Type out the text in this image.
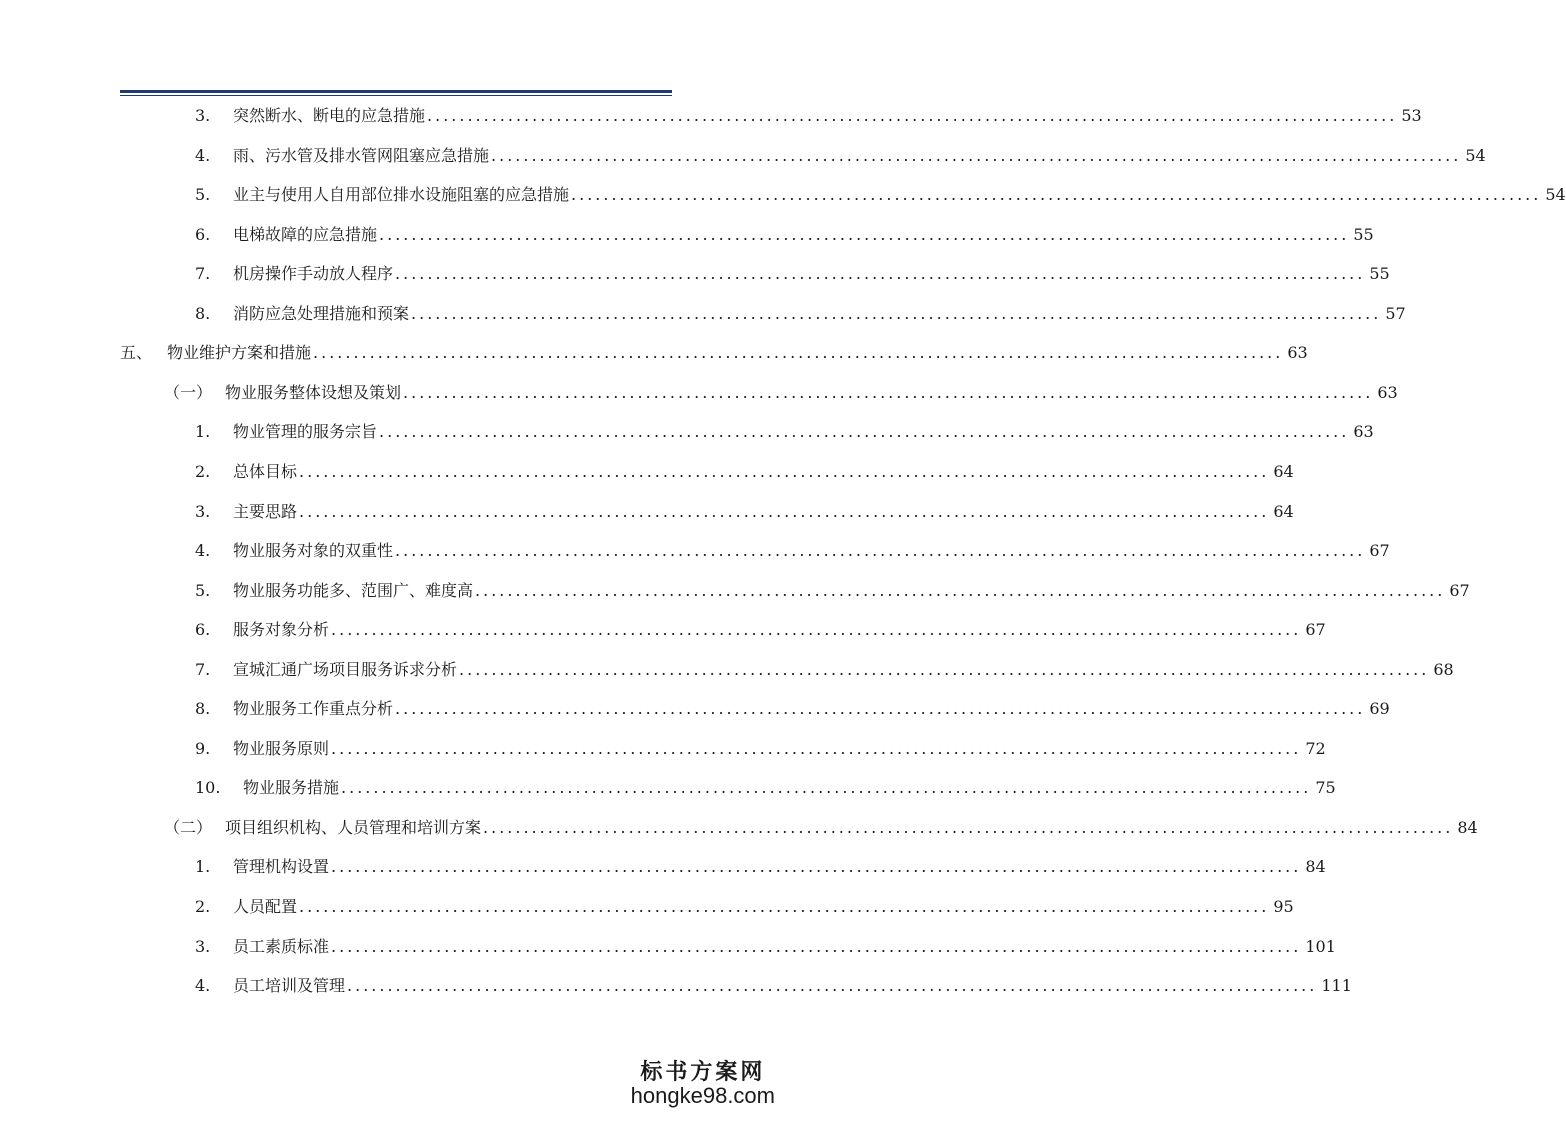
3.	突然断水、断电的应急措施 ........................................................................................................................ 53
4.	雨、污水管及排水管网阻塞应急措施 ........................................................................................................................ 54
5.	业主与使用人自用部位排水设施阻塞的应急措施 ........................................................................................................................ 54
6.	电梯故障的应急措施 ........................................................................................................................ 55
7.	机房操作手动放人程序 ........................................................................................................................ 55
8.	消防应急处理措施和预案 ........................................................................................................................ 57
五、 物业维护方案和措施 ........................................................................................................................ 63
（一） 物业服务整体设想及策划 ........................................................................................................................ 63
1.	物业管理的服务宗旨 ........................................................................................................................ 63
2.	总体目标 ........................................................................................................................ 64
3.	主要思路 ........................................................................................................................ 64
4.	物业服务对象的双重性 ........................................................................................................................ 67
5.	物业服务功能多、范围广、难度高 ........................................................................................................................ 67
6.	服务对象分析 ........................................................................................................................ 67
7.	宣城汇通广场项目服务诉求分析 ........................................................................................................................ 68
8.	物业服务工作重点分析 ........................................................................................................................ 69
9.	物业服务原则 ........................................................................................................................ 72
10.	物业服务措施 ........................................................................................................................ 75
（二） 项目组织机构、人员管理和培训方案 ........................................................................................................................ 84
1.	管理机构设置 ........................................................................................................................ 84
2.	人员配置 ........................................................................................................................ 95
3.	员工素质标准 ........................................................................................................................ 101
4.	员工培训及管理 ........................................................................................................................ 111
标书方案网
hongke98.com
